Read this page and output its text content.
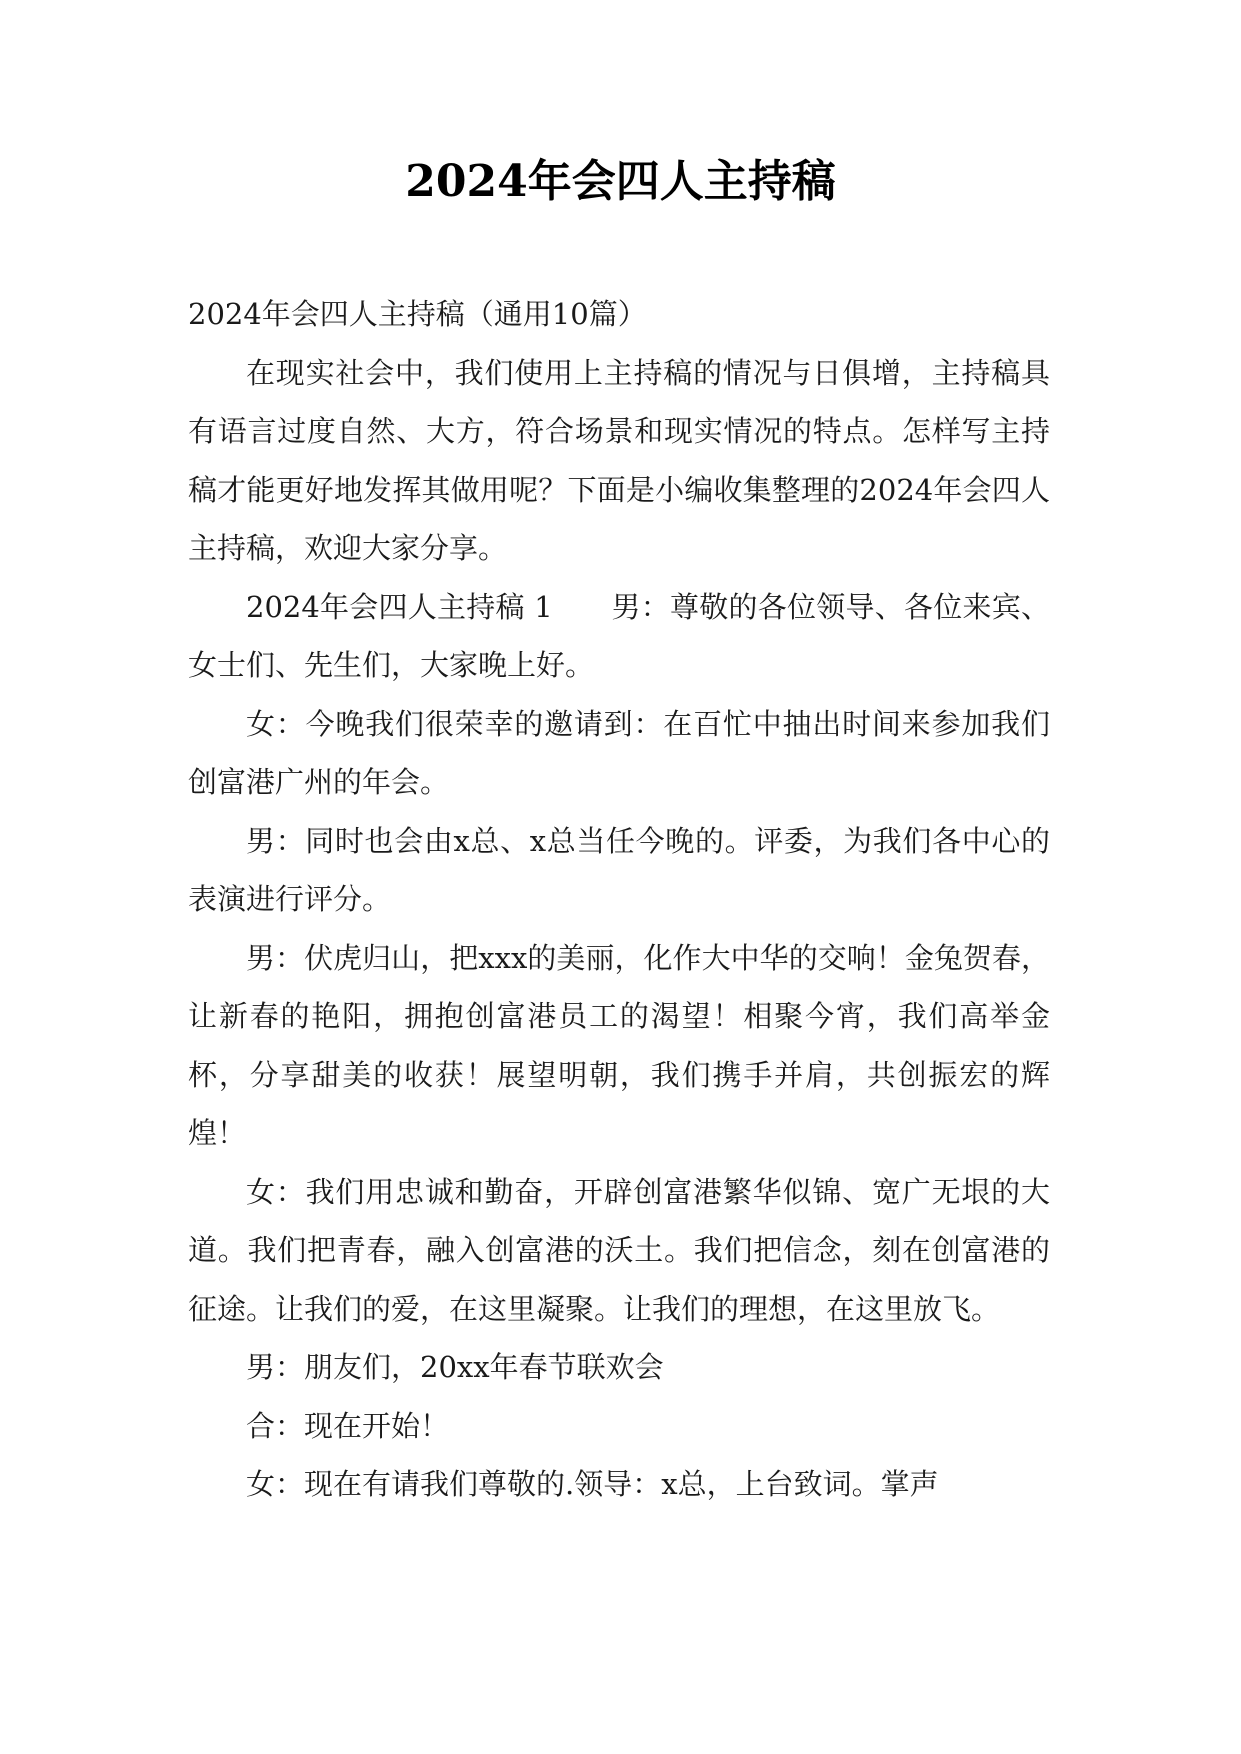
2024年会四人主持稿

2024年会四人主持稿（通用10篇）

在现实社会中，我们使用上主持稿的情况与日俱增，主持稿具有语言过度自然、大方，符合场景和现实情况的特点。怎样写主持稿才能更好地发挥其做用呢？下面是小编收集整理的2024年会四人主持稿，欢迎大家分享。

2024年会四人主持稿 1　　男：尊敬的各位领导、各位来宾、女士们、先生们，大家晚上好。

女：今晚我们很荣幸的邀请到：在百忙中抽出时间来参加我们创富港广州的年会。

男：同时也会由x总、x总当任今晚的。评委，为我们各中心的表演进行评分。

男：伏虎归山，把xxx的美丽，化作大中华的交响！金兔贺春，让新春的艳阳，拥抱创富港员工的渴望！相聚今宵，我们高举金杯，分享甜美的收获！展望明朝，我们携手并肩，共创振宏的辉煌！

女：我们用忠诚和勤奋，开辟创富港繁华似锦、宽广无垠的大道。我们把青春，融入创富港的沃土。我们把信念，刻在创富港的征途。让我们的爱，在这里凝聚。让我们的理想，在这里放飞。

男：朋友们，20xx年春节联欢会

合：现在开始！

女：现在有请我们尊敬的.领导：x总，上台致词。掌声
